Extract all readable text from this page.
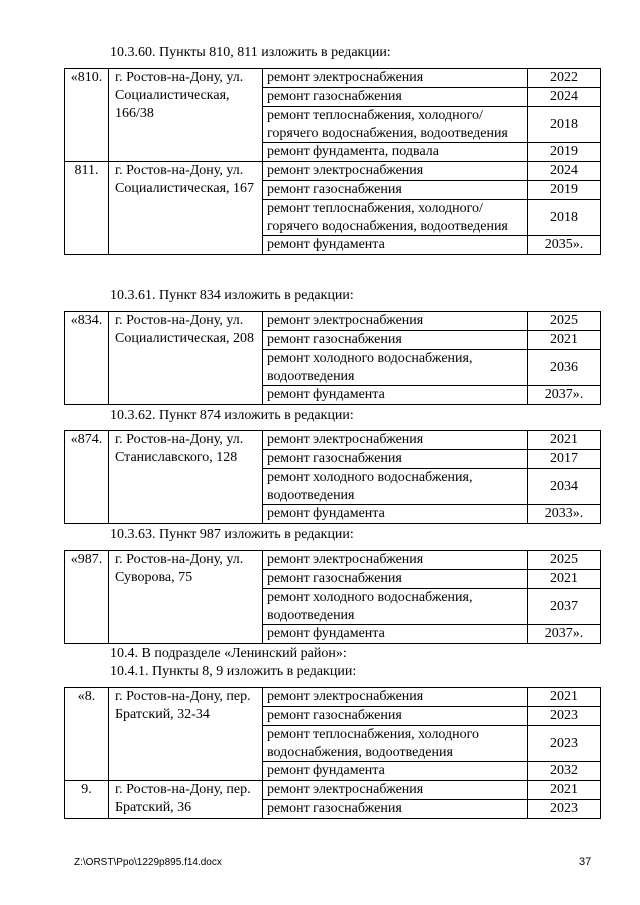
10.3.60. Пункты 810, 811 изложить в редакции:
«810.	г. Ростов-на-Дону, ул. Социалистическая, 166/38	ремонт электроснабжения	2022
		ремонт газоснабжения	2024
		ремонт теплоснабжения, холодного/горячего водоснабжения, водоотведения	2018
		ремонт фундамента, подвала	2019
811.	г. Ростов-на-Дону, ул. Социалистическая, 167	ремонт электроснабжения	2024
		ремонт газоснабжения	2019
		ремонт теплоснабжения, холодного/горячего водоснабжения, водоотведения	2018
		ремонт фундамента	2035».
10.3.61. Пункт 834 изложить в редакции:
«834.	г. Ростов-на-Дону, ул. Социалистическая, 208	ремонт электроснабжения	2025
		ремонт газоснабжения	2021
		ремонт холодного водоснабжения, водоотведения	2036
		ремонт фундамента	2037».
10.3.62. Пункт 874 изложить в редакции:
«874.	г. Ростов-на-Дону, ул. Станиславского, 128	ремонт электроснабжения	2021
		ремонт газоснабжения	2017
		ремонт холодного водоснабжения, водоотведения	2034
		ремонт фундамента	2033».
10.3.63. Пункт 987 изложить в редакции:
«987.	г. Ростов-на-Дону, ул. Суворова, 75	ремонт электроснабжения	2025
		ремонт газоснабжения	2021
		ремонт холодного водоснабжения, водоотведения	2037
		ремонт фундамента	2037».
10.4. В подразделе «Ленинский район»:
10.4.1. Пункты 8, 9 изложить в редакции:
«8.	г. Ростов-на-Дону, пер. Братский, 32-34	ремонт электроснабжения	2021
		ремонт газоснабжения	2023
		ремонт теплоснабжения, холодного водоснабжения, водоотведения	2023
		ремонт фундамента	2032
9.	г. Ростов-на-Дону, пер. Братский, 36	ремонт электроснабжения	2021
		ремонт газоснабжения	2023
Z:\ORST\Ppo\1229p895.f14.docx	37
